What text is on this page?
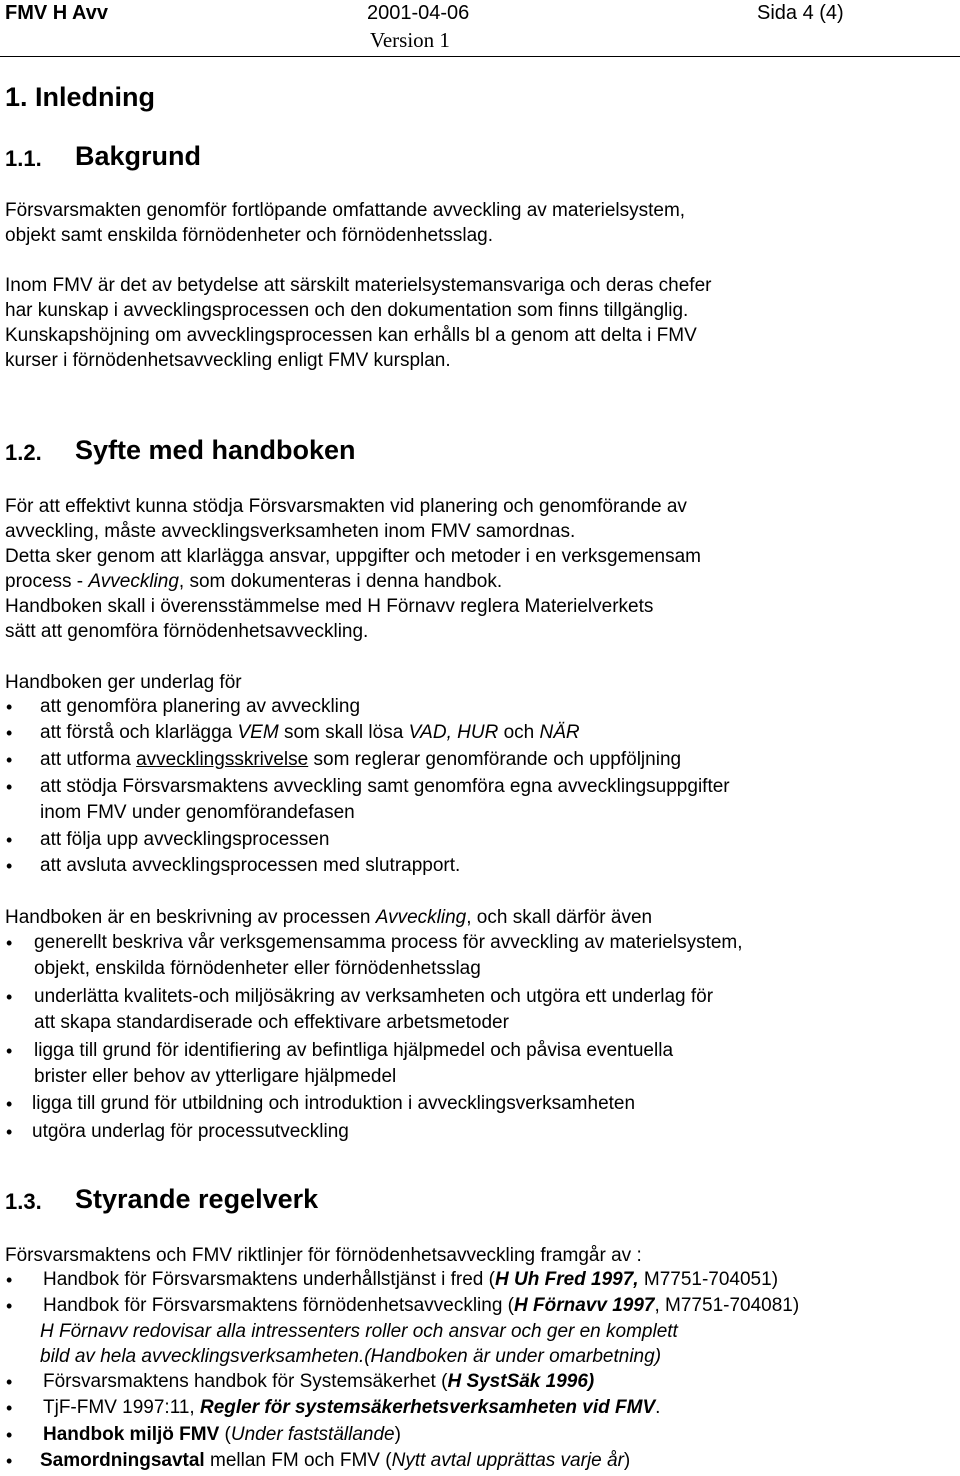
FMV H Avv	2001-04-06	Sida 4 (4)
Version 1
1. Inledning
1.1. Bakgrund
Försvarsmakten genomför fortlöpande omfattande avveckling av materielsystem,
objekt samt enskilda förnödenheter och förnödenhetsslag.
Inom FMV är det av betydelse att särskilt materielsystemansvariga och deras chefer
har kunskap i avvecklingsprocessen och den dokumentation som finns tillgänglig.
Kunskapshöjning om avvecklingsprocessen kan erhålls bl a genom att delta i FMV
kurser i förnödenhetsavveckling enligt FMV kursplan.
1.2. Syfte med handboken
För att effektivt kunna stödja Försvarsmakten vid planering och genomförande av
avveckling, måste avvecklingsverksamheten inom FMV samordnas.
Detta sker genom att klarlägga ansvar, uppgifter och metoder i en verksgemensam
process - Avveckling, som dokumenteras i denna handbok.
Handboken skall i överensstämmelse med H Förnavv reglera Materielverkets
sätt att genomföra förnödenhetsavveckling.
Handboken ger underlag för
• att genomföra planering av avveckling
• att förstå och klarlägga VEM som skall lösa VAD, HUR och NÄR
• att utforma avvecklingsskrivelse som reglerar genomförande och uppföljning
• att stödja Försvarsmaktens avveckling samt genomföra egna avvecklingsuppgifter
inom FMV under genomförandefasen
• att följa upp avvecklingsprocessen
• att avsluta avvecklingsprocessen med slutrapport.
Handboken är en beskrivning av processen Avveckling, och skall därför även
• generellt beskriva vår verksgemensamma process för avveckling av materielsystem,
objekt, enskilda förnödenheter eller förnödenhetsslag
• underlätta kvalitets-och miljösäkring av verksamheten och utgöra ett underlag för
att skapa standardiserade och effektivare arbetsmetoder
• ligga till grund för identifiering av befintliga hjälpmedel och påvisa eventuella
brister eller behov av ytterligare hjälpmedel
• ligga till grund för utbildning och introduktion i avvecklingsverksamheten
• utgöra underlag för processutveckling
1.3. Styrande regelverk
Försvarsmaktens och FMV riktlinjer för förnödenhetsavveckling framgår av :
• Handbok för Försvarsmaktens underhållstjänst i fred (H Uh Fred 1997, M7751-704051)
• Handbok för Försvarsmaktens förnödenhetsavveckling (H Förnavv 1997, M7751-704081)
H Förnavv redovisar alla intressenters roller och ansvar och ger en komplett
bild av hela avvecklingsverksamheten.(Handboken är under omarbetning)
• Försvarsmaktens handbok för Systemsäkerhet (H SystSäk 1996)
• TjF-FMV 1997:11, Regler för systemsäkerhetsverksamheten vid FMV.
• Handbok miljö FMV (Under fastställande)
• Samordningsavtal mellan FM och FMV (Nytt avtal upprättas varje år)
